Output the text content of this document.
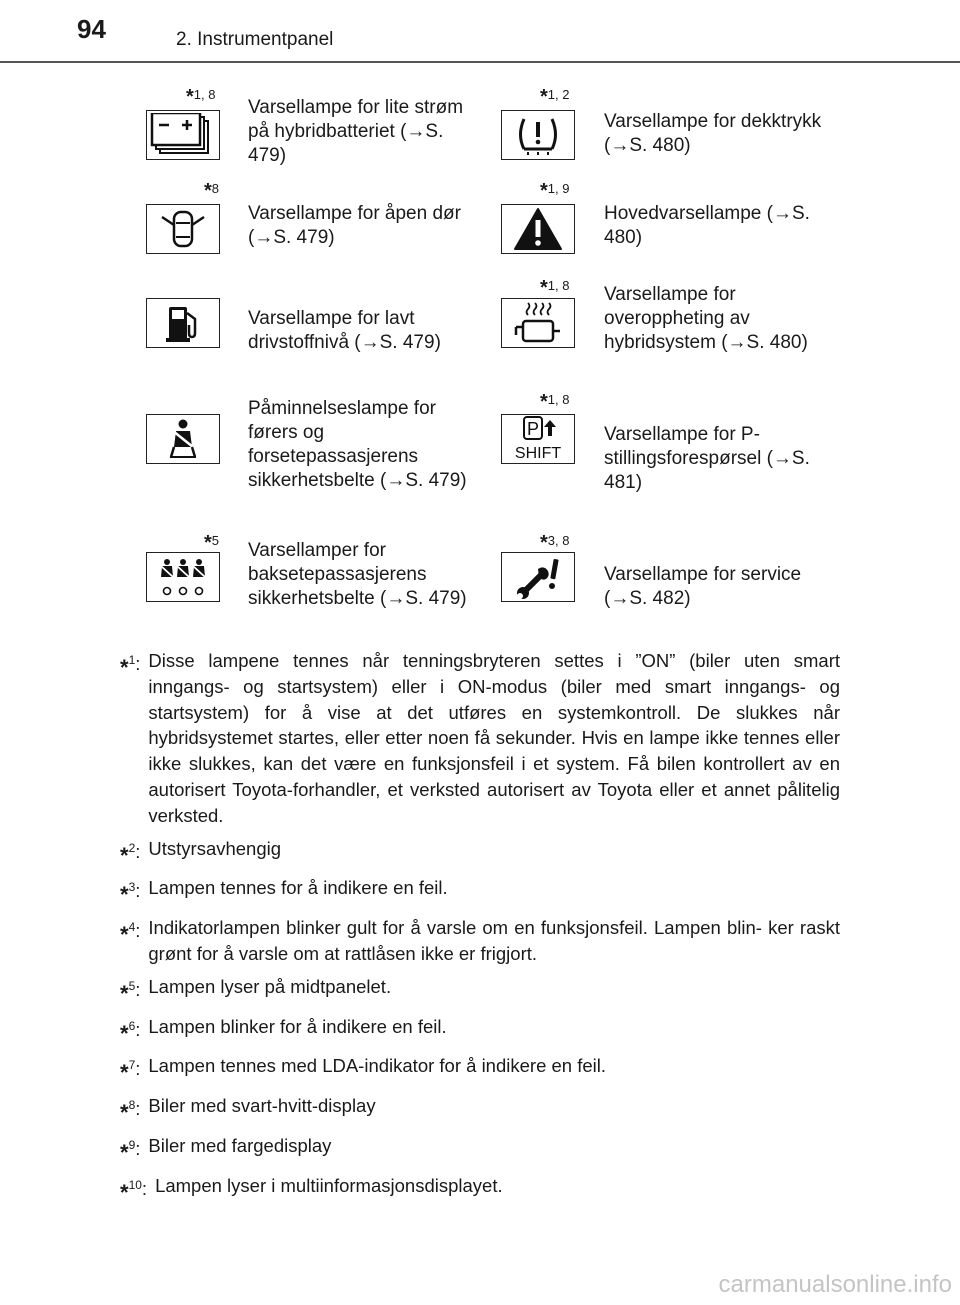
94	2. Instrumentpanel
*1, 8
Varsellampe for lite strøm på hybridbatteriet (→S. 479)
*8
Varsellampe for åpen dør (→S. 479)
Varsellampe for lavt drivstoffnivå (→S. 479)
Påminnelseslampe for førers og forsetepassasjerens sikkerhetsbelte (→S. 479)
*5 Varsellamper for baksetepassasjerens sikkerhetsbelte (→S. 479)
*1, 2
Varsellampe for dekktrykk (→S. 480)
*1, 9
Hovedvarsellampe (→S. 480)
*1, 8 Varsellampe for overoppheting av hybridsystem (→S. 480)
*1, 8
P
SHIFT
Varsellampe for P-stillingsforespørsel (→S. 481)
*3, 8
Varsellampe for service (→S. 482)
*$^1$: Disse lampene tennes når tenningsbryteren settes i ”ON” (biler uten smart inngangs- og startsystem) eller i ON-modus (biler med smart inngangs- og startsystem) for å vise at det utføres en systemkontroll. De slukkes når hybridsystemet startes, eller etter noen få sekunder. Hvis en lampe ikke tennes eller ikke slukkes, kan det være en funksjonsfeil i et system. Få bilen kontrollert av en autorisert Toyota-forhandler, et verksted autorisert av Toyota eller et annet pålitelig verksted.
*$^2$: Utstyrsavhengig
*$^3$: Lampen tennes for å indikere en feil.
*$^4$: Indikatorlampen blinker gult for å varsle om en funksjonsfeil. Lampen blin- ker raskt grønt for å varsle om at rattlåsen ikke er frigjort.
*$^5$: Lampen lyser på midtpanelet.
*$^6$: Lampen blinker for å indikere en feil.
*$^7$: Lampen tennes med LDA-indikator for å indikere en feil.
*$^8$: Biler med svart-hvitt-display
*$^9$: Biler med fargedisplay
*$^{10}$: Lampen lyser i multiinformasjonsdisplayet.
carmanualsonline.info
